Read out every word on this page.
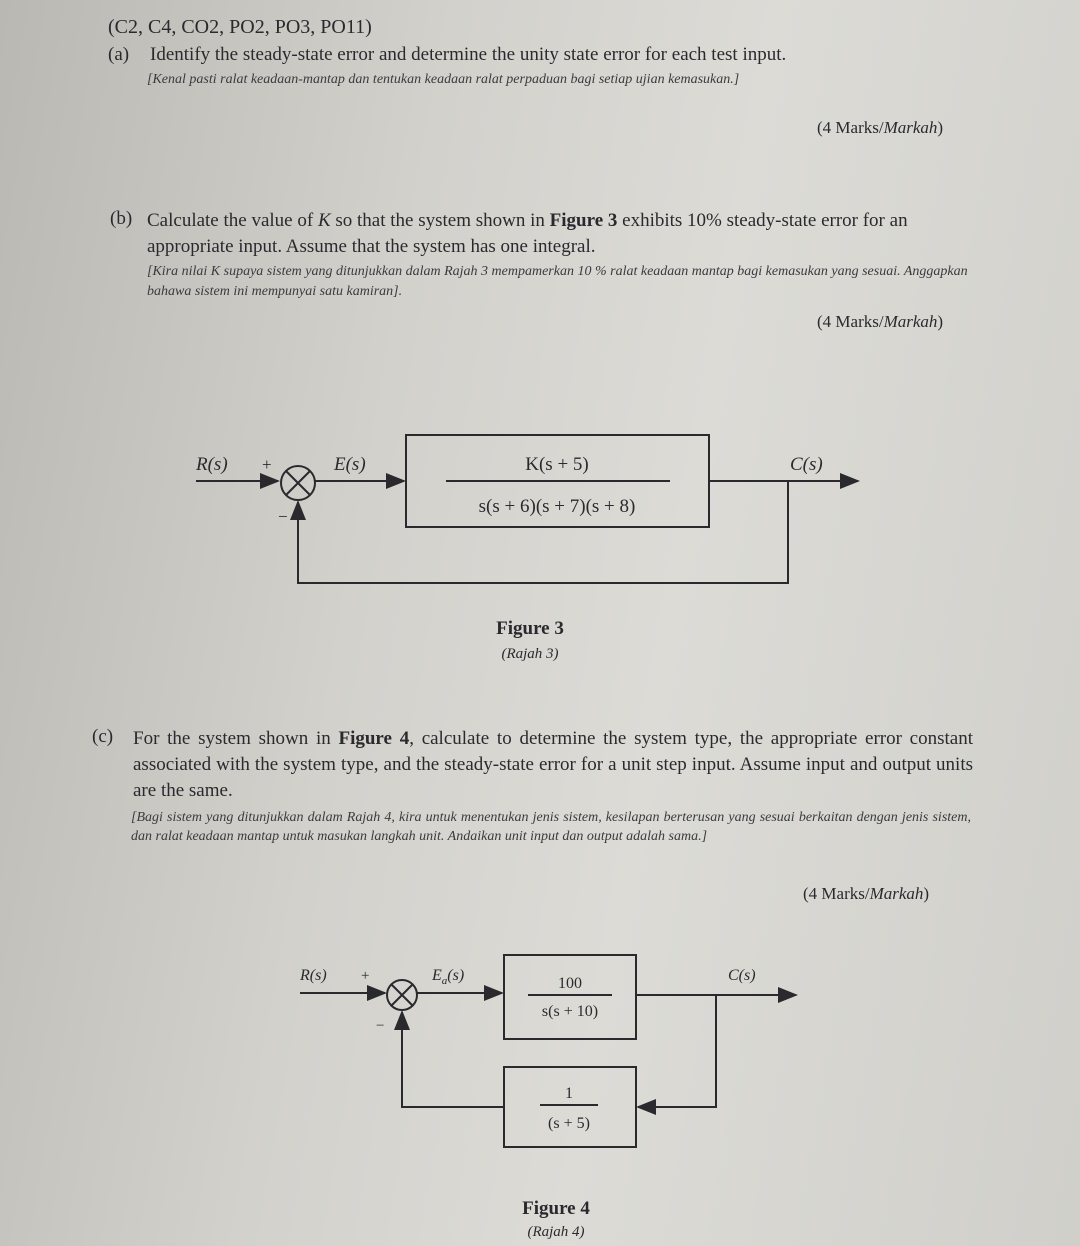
(C2, C4, CO2, PO2, PO3, PO11)
(a) Identify the steady-state error and determine the unity state error for each test input.
[Kenal pasti ralat keadaan-mantap dan tentukan keadaan ralat perpaduan bagi setiap ujian kemasukan.]
(4 Marks/Markah)
(b) Calculate the value of K so that the system shown in Figure 3 exhibits 10% steady-state error for an appropriate input. Assume that the system has one integral.
[Kira nilai K supaya sistem yang ditunjukkan dalam Rajah 3 mempamerkan 10 % ralat keadaan mantap bagi kemasukan yang sesuai. Anggapkan bahawa sistem ini mempunyai satu kamiran].
(4 Marks/Markah)
R(s) +
−
E(s)	K(s + 5)
s(s + 6)(s + 7)(s + 8)
C(s)
Figure 3
(Rajah 3)
(c) For the system shown in Figure 4, calculate to determine the system type, the appropriate error constant associated with the system type, and the steady-state error for a unit step input. Assume input and output units are the same.
[Bagi sistem yang ditunjukkan dalam Rajah 4, kira untuk menentukan jenis sistem, kesilapan berterusan yang sesuai berkaitan dengan jenis sistem, dan ralat keadaan mantap untuk masukan langkah unit. Andaikan unit input dan output adalah sama.]
(4 Marks/Markah)
R(s) +
−
$E_a(s)$	100
s(s + 10)
C(s)
1
(s + 5)
Figure 4
(Rajah 4)
